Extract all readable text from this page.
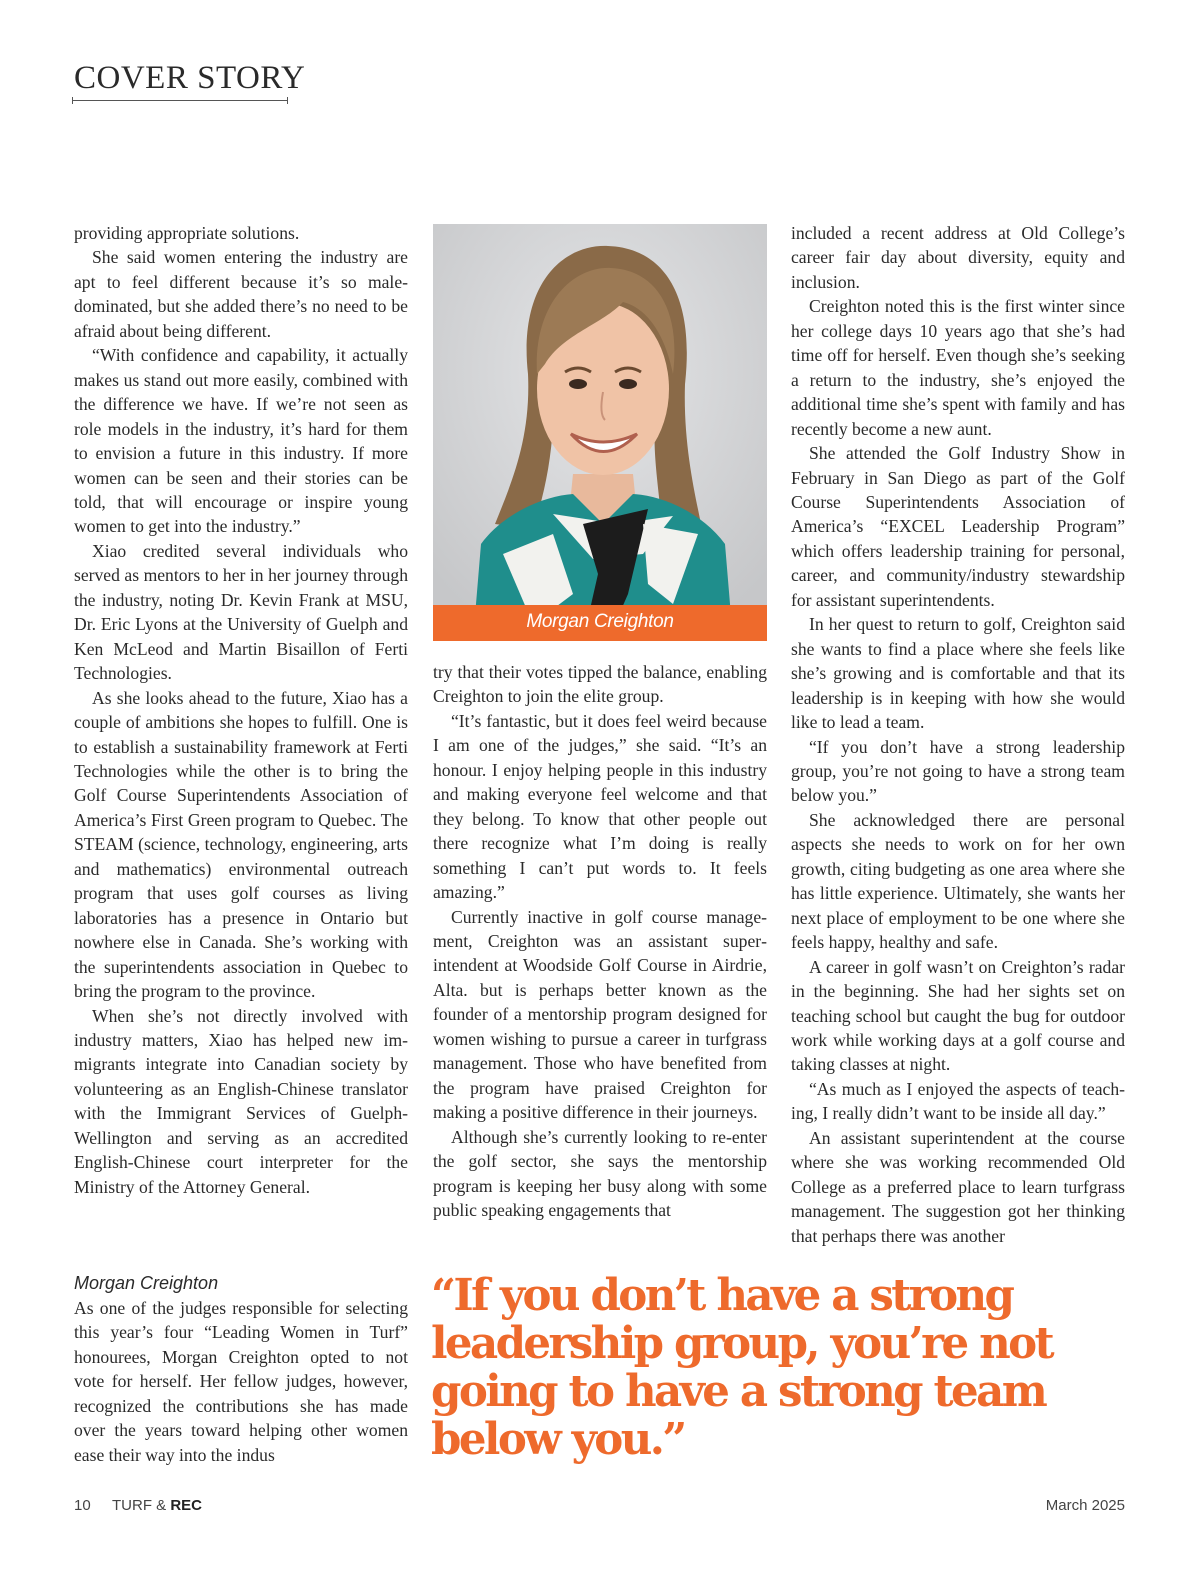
COVER STORY

providing appropriate solutions.

She said women entering the industry are apt to feel different because it’s so male-dominated, but she added there’s no need to be afraid about being different.

“With confidence and capability, it actually makes us stand out more easily, combined with the difference we have. If we’re not seen as role models in the industry, it’s hard for them to envision a future in this industry. If more women can be seen and their stories can be told, that will encourage or inspire young women to get into the industry.”

Xiao credited several individuals who served as mentors to her in her journey through the industry, noting Dr. Kevin Frank at MSU, Dr. Eric Lyons at the University of Guelph and Ken McLeod and Martin Bisaillon of Ferti Technologies.

As she looks ahead to the future, Xiao has a couple of ambitions she hopes to fulfill. One is to establish a sustainability framework at Ferti Technologies while the other is to bring the Golf Course Superintendents Association of America’s First Green program to Quebec. The STEAM (science, technology, engineering, arts and mathematics) environmental outreach program that uses golf courses as living laboratories has a presence in Ontario but nowhere else in Canada. She’s working with the superintendents association in Quebec to bring the program to the province.

When she’s not directly involved with industry matters, Xiao has helped new immigrants integrate into Canadian society by volunteering as an English-Chinese translator with the Immigrant Services of Guelph-Wellington and serving as an accredited English-Chinese court interpreter for the Ministry of the Attorney General.

Morgan Creighton

As one of the judges responsible for selecting this year’s four “Leading Women in Turf” honourees, Morgan Creighton opted to not vote for herself. Her fellow judges, however, recognized the contributions she has made over the years toward helping other women ease their way into the indus

Morgan Creighton

try that their votes tipped the balance, enabling Creighton to join the elite group.

“It’s fantastic, but it does feel weird because I am one of the judges,” she said. “It’s an honour. I enjoy helping people in this industry and making everyone feel welcome and that they belong. To know that other people out there recognize what I’m doing is really something I can’t put words to. It feels amazing.”

Currently inactive in golf course management, Creighton was an assistant superintendent at Woodside Golf Course in Airdrie, Alta. but is perhaps better known as the founder of a mentorship program designed for women wishing to pursue a career in turfgrass management. Those who have benefited from the program have praised Creighton for making a positive difference in their journeys.

Although she’s currently looking to re-enter the golf sector, she says the mentorship program is keeping her busy along with some public speaking engagements that

included a recent address at Old College’s career fair day about diversity, equity and inclusion.

Creighton noted this is the first winter since her college days 10 years ago that she’s had time off for herself. Even though she’s seeking a return to the industry, she’s enjoyed the additional time she’s spent with family and has recently become a new aunt.

She attended the Golf Industry Show in February in San Diego as part of the Golf Course Superintendents Association of America’s “EXCEL Leadership Program” which offers leadership training for personal, career, and community/industry stewardship for assistant superintendents.

In her quest to return to golf, Creighton said she wants to find a place where she feels like she’s growing and is comfortable and that its leadership is in keeping with how she would like to lead a team.

“If you don’t have a strong leadership group, you’re not going to have a strong team below you.”

She acknowledged there are personal aspects she needs to work on for her own growth, citing budgeting as one area where she has little experience. Ultimately, she wants her next place of employment to be one where she feels happy, healthy and safe.

A career in golf wasn’t on Creighton’s radar in the beginning. She had her sights set on teaching school but caught the bug for outdoor work while working days at a golf course and taking classes at night.

“As much as I enjoyed the aspects of teaching, I really didn’t want to be inside all day.”

An assistant superintendent at the course where she was working recommended Old College as a preferred place to learn turfgrass management. The suggestion got her thinking that perhaps there was another

“If you don’t have a strong leadership group, you’re not going to have a strong team below you.”
10 TURF & REC	March 2025
